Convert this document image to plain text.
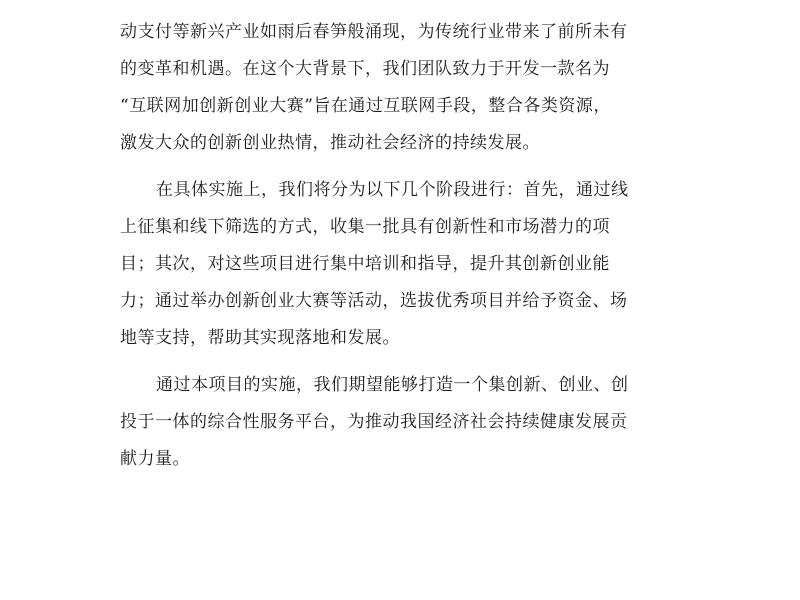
动支付等新兴产业如雨后春笋般涌现，为传统行业带来了前所未有
的变革和机遇。在这个大背景下，我们团队致力于开发一款名为
“互联网加创新创业大赛”旨在通过互联网手段，整合各类资源，
激发大众的创新创业热情，推动社会经济的持续发展。
在具体实施上，我们将分为以下几个阶段进行：首先，通过线
上征集和线下筛选的方式，收集一批具有创新性和市场潜力的项
目；其次，对这些项目进行集中培训和指导，提升其创新创业能
力；通过举办创新创业大赛等活动，选拔优秀项目并给予资金、场
地等支持，帮助其实现落地和发展。
通过本项目的实施，我们期望能够打造一个集创新、创业、创
投于一体的综合性服务平台，为推动我国经济社会持续健康发展贡
献力量。
